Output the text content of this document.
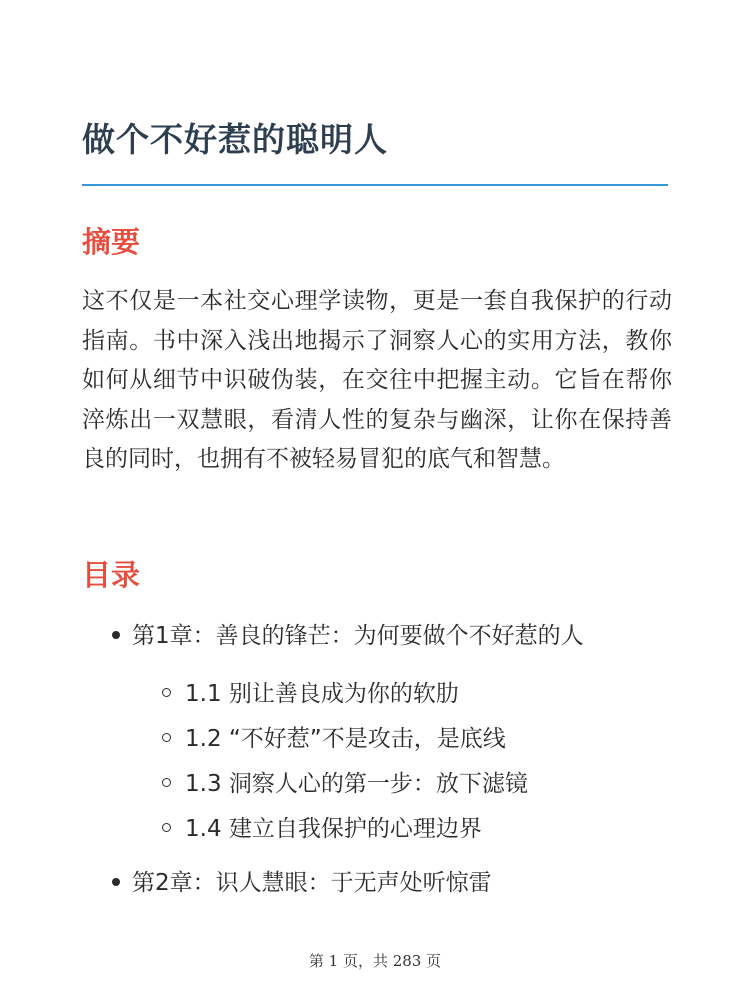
做个不好惹的聪明人
摘要

这不仅是一本社交心理学读物，更是一套自我保护的行动指南。书中深入浅出地揭示了洞察人心的实用方法，教你如何从细节中识破伪装，在交往中把握主动。它旨在帮你淬炼出一双慧眼，看清人性的复杂与幽深，让你在保持善良的同时，也拥有不被轻易冒犯的底气和智慧。

目录
第1章：善良的锋芒：为何要做个不好惹的人
1.1 别让善良成为你的软肋
1.2 “不好惹”不是攻击，是底线
1.3 洞察人心的第一步：放下滤镜
1.4 建立自我保护的心理边界
第2章：识人慧眼：于无声处听惊雷
第 1 页，共 283 页
